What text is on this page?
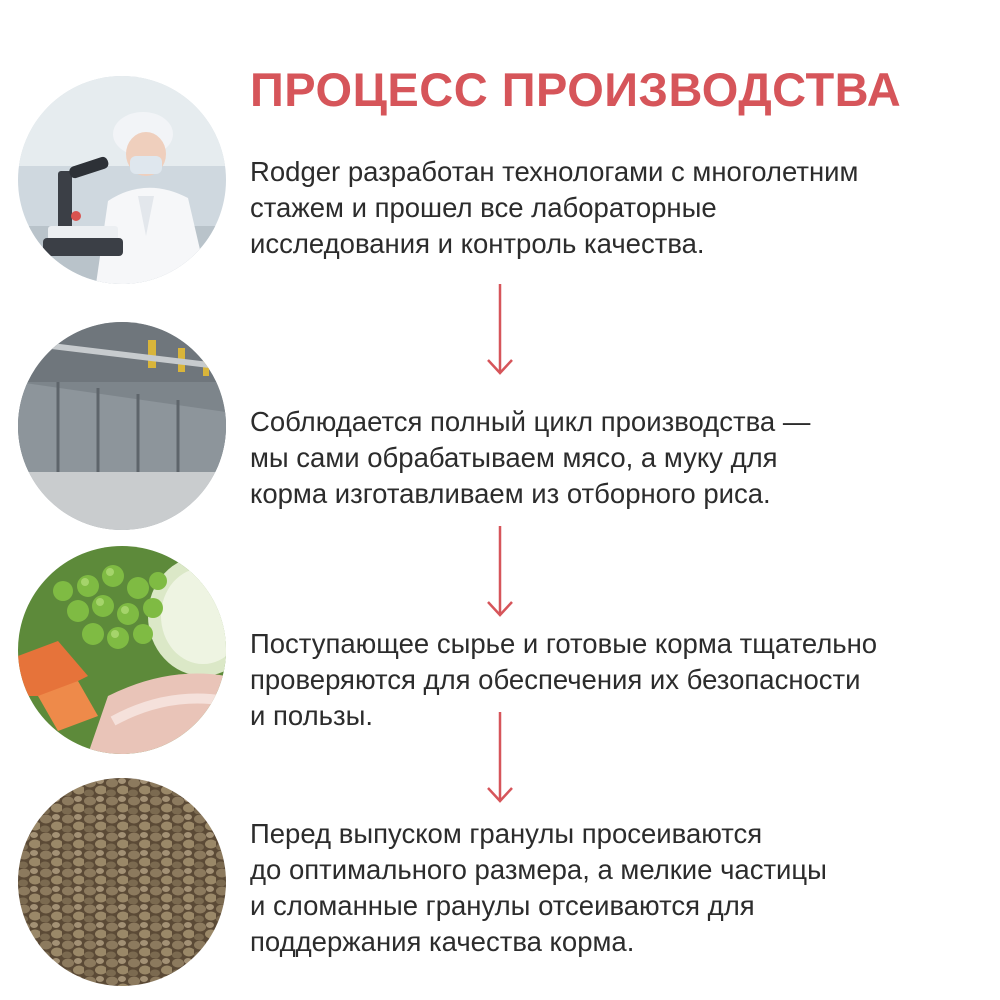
ПРОЦЕСС ПРОИЗВОДСТВА

Rodger разработан технологами с многолетним
стажем и прошел все лабораторные
исследования и контроль качества.

Соблюдается полный цикл производства —
мы сами обрабатываем мясо, а муку для
корма изготавливаем из отборного риса.

Поступающее сырье и готовые корма тщательно
проверяются для обеспечения их безопасности
и пользы.

Перед выпуском гранулы просеиваются
до оптимального размера, а мелкие частицы
и сломанные гранулы отсеиваются для
поддержания качества корма.
